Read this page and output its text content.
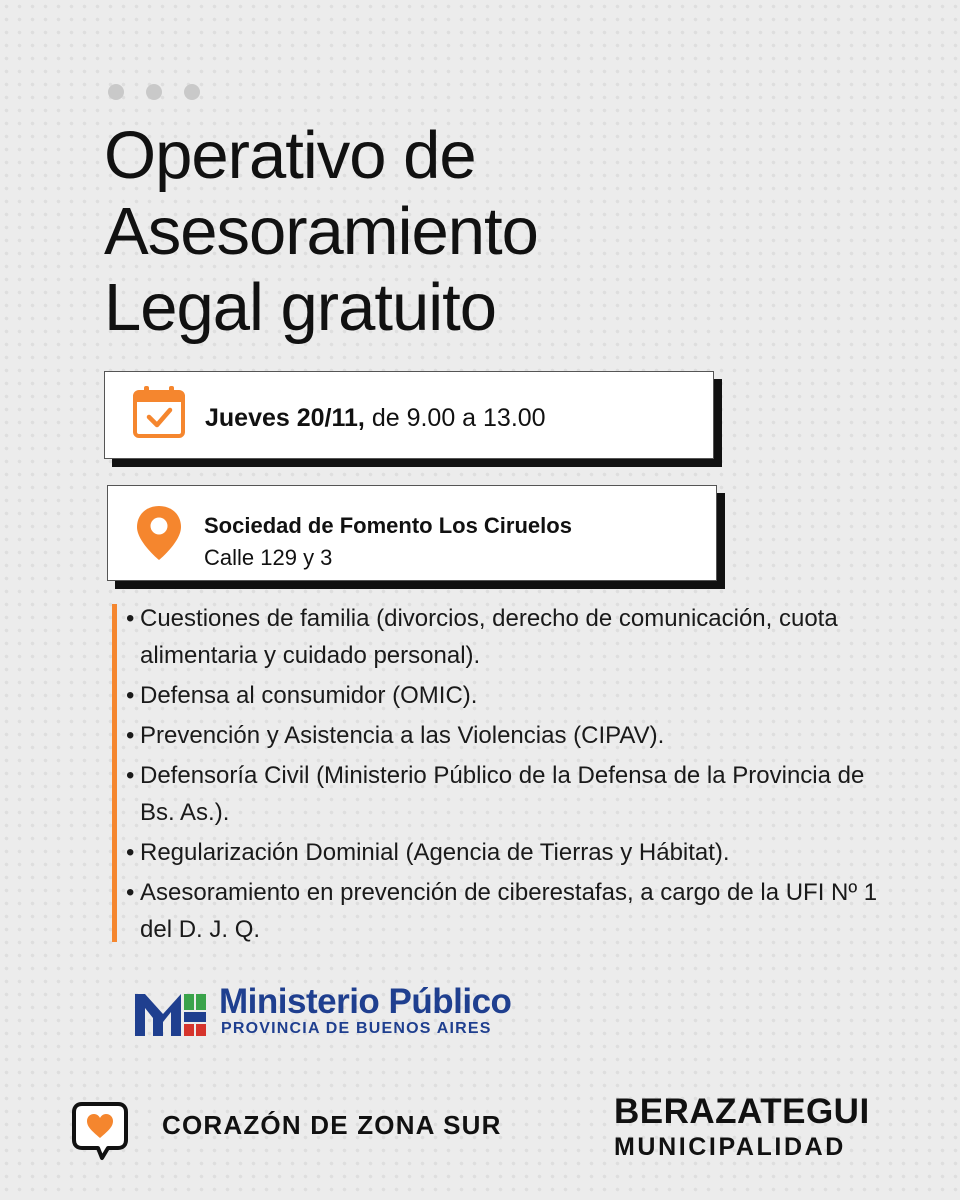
Operativo de
Asesoramiento
Legal gratuito
Jueves 20/11, de 9.00 a 13.00
Sociedad de Fomento Los Ciruelos
Calle 129 y 3
• Cuestiones de familia (divorcios, derecho de comunicación, cuota alimentaria y cuidado personal).
• Defensa al consumidor (OMIC).
• Prevención y Asistencia a las Violencias (CIPAV).
• Defensoría Civil (Ministerio Público de la Defensa de la Provincia de Bs. As.).
• Regularización Dominial (Agencia de Tierras y Hábitat).
• Asesoramiento en prevención de ciberestafas, a cargo de la UFI Nº 1 del D. J. Q.
Ministerio Público
PROVINCIA DE BUENOS AIRES
CORAZÓN DE ZONA SUR	BERAZATEGUI
MUNICIPALIDAD
